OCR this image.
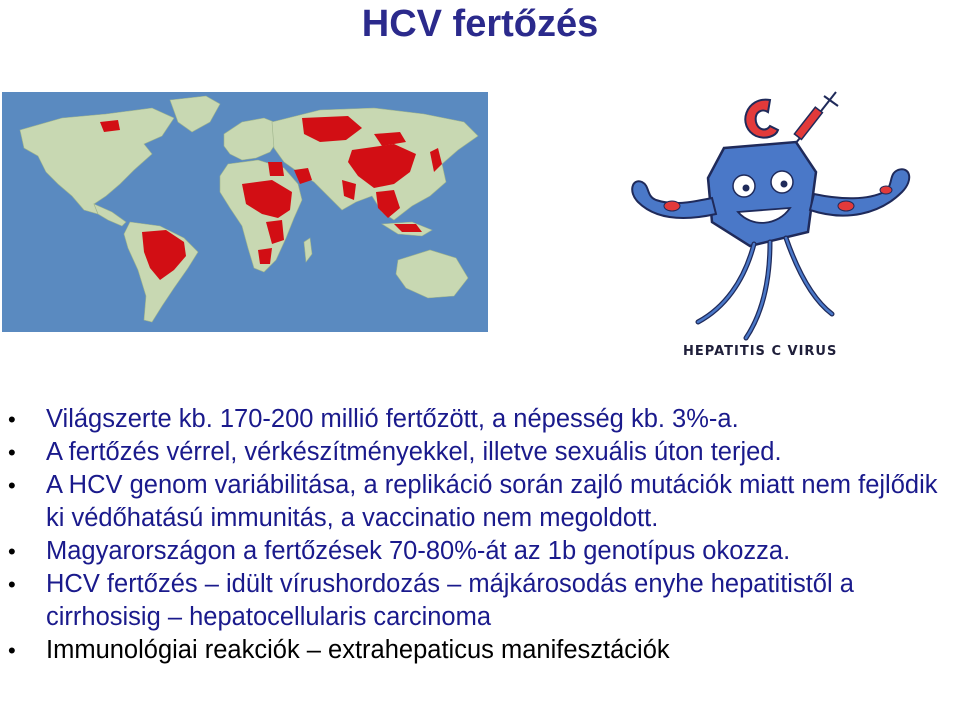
HCV fertőzés
HEPATITIS C VIRUS
• Világszerte kb. 170-200 millió fertőzött, a népesség kb. 3%-a.
• A fertőzés vérrel, vérkészítményekkel, illetve sexuális úton terjed.
• A HCV genom variábilitása, a replikáció során zajló mutációk miatt nem fejlődik ki védőhatású immunitás, a vaccinatio nem megoldott.
• Magyarországon a fertőzések 70-80%-át az 1b genotípus okozza.
• HCV fertőzés – idült vírushordozás – májkárosodás enyhe hepatitistől a cirrhosisig – hepatocellularis carcinoma
• Immunológiai reakciók – extrahepaticus manifesztációk
